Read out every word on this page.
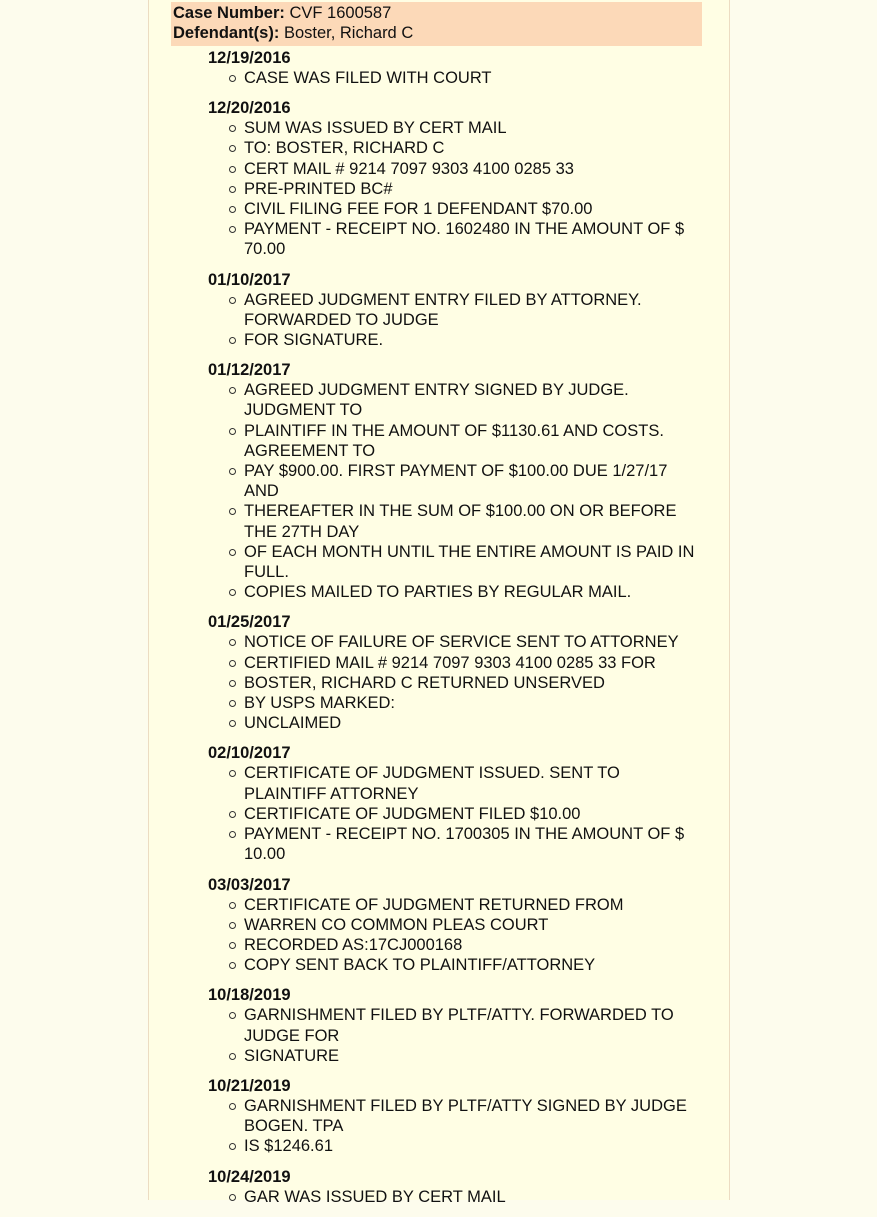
Case Number: CVF 1600587
Defendant(s): Boster, Richard C
12/19/2016
CASE WAS FILED WITH COURT
12/20/2016
SUM WAS ISSUED BY CERT MAIL
TO: BOSTER, RICHARD C
CERT MAIL # 9214 7097 9303 4100 0285 33
PRE-PRINTED BC#
CIVIL FILING FEE FOR 1 DEFENDANT $70.00
PAYMENT - RECEIPT NO. 1602480 IN THE AMOUNT OF $ 70.00
01/10/2017
AGREED JUDGMENT ENTRY FILED BY ATTORNEY. FORWARDED TO JUDGE
FOR SIGNATURE.
01/12/2017
AGREED JUDGMENT ENTRY SIGNED BY JUDGE. JUDGMENT TO
PLAINTIFF IN THE AMOUNT OF $1130.61 AND COSTS. AGREEMENT TO
PAY $900.00. FIRST PAYMENT OF $100.00 DUE 1/27/17 AND
THEREAFTER IN THE SUM OF $100.00 ON OR BEFORE THE 27TH DAY
OF EACH MONTH UNTIL THE ENTIRE AMOUNT IS PAID IN FULL.
COPIES MAILED TO PARTIES BY REGULAR MAIL.
01/25/2017
NOTICE OF FAILURE OF SERVICE SENT TO ATTORNEY
CERTIFIED MAIL # 9214 7097 9303 4100 0285 33 FOR
BOSTER, RICHARD C RETURNED UNSERVED
BY USPS MARKED:
UNCLAIMED
02/10/2017
CERTIFICATE OF JUDGMENT ISSUED. SENT TO PLAINTIFF ATTORNEY
CERTIFICATE OF JUDGMENT FILED $10.00
PAYMENT - RECEIPT NO. 1700305 IN THE AMOUNT OF $ 10.00
03/03/2017
CERTIFICATE OF JUDGMENT RETURNED FROM
WARREN CO COMMON PLEAS COURT
RECORDED AS:17CJ000168
COPY SENT BACK TO PLAINTIFF/ATTORNEY
10/18/2019
GARNISHMENT FILED BY PLTF/ATTY. FORWARDED TO JUDGE FOR
SIGNATURE
10/21/2019
GARNISHMENT FILED BY PLTF/ATTY SIGNED BY JUDGE BOGEN. TPA
IS $1246.61
10/24/2019
GAR WAS ISSUED BY CERT MAIL
